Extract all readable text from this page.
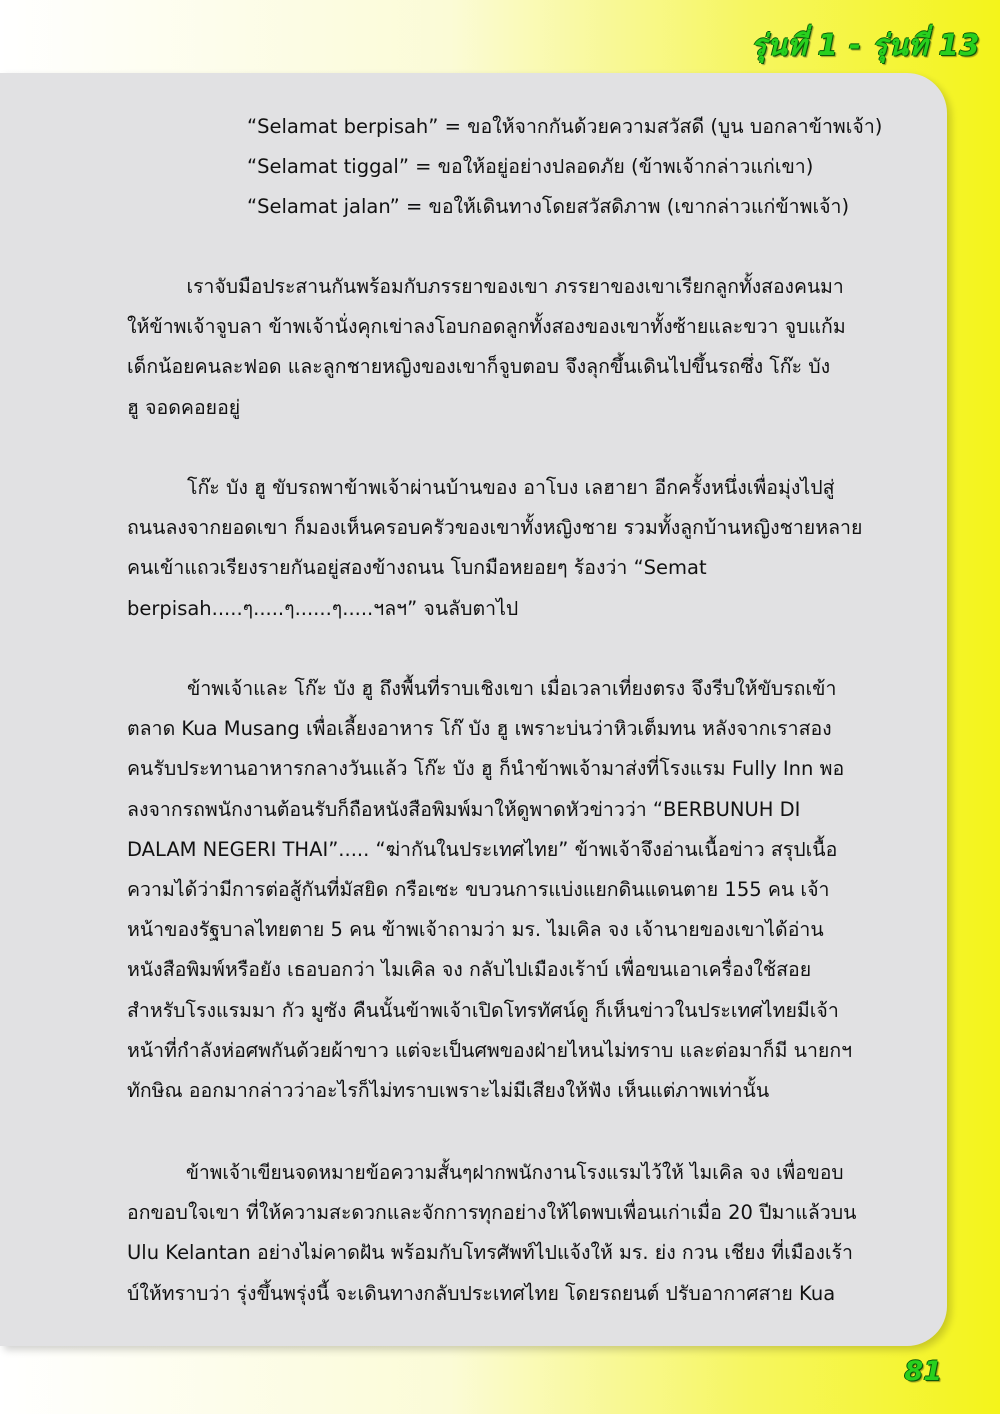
รุ่นที่ 1 - รุ่นที่ 13
“Selamat berpisah” = ขอให้จากกันด้วยความสวัสดี (บูน บอกลาข้าพเจ้า)
“Selamat tiggal” = ขอให้อยู่อย่างปลอดภัย (ข้าพเจ้ากล่าวแก่เขา)
“Selamat jalan” = ขอให้เดินทางโดยสวัสดิภาพ (เขากล่าวแก่ข้าพเจ้า)

เราจับมือประสานกันพร้อมกับภรรยาของเขา ภรรยาของเขาเรียกลูกทั้งสองคนมา
ให้ข้าพเจ้าจูบลา ข้าพเจ้านั่งคุกเข่าลงโอบกอดลูกทั้งสองของเขาทั้งซ้ายและขวา จูบแก้ม
เด็กน้อยคนละฟอด และลูกชายหญิงของเขาก็จูบตอบ จึงลุกขึ้นเดินไปขึ้นรถซึ่ง โก๊ะ บัง
ฮู จอดคอยอยู่

โก๊ะ บัง ฮู ขับรถพาข้าพเจ้าผ่านบ้านของ อาโบง เลฮายา อีกครั้งหนึ่งเพื่อมุ่งไปสู่
ถนนลงจากยอดเขา ก็มองเห็นครอบครัวของเขาทั้งหญิงชาย รวมทั้งลูกบ้านหญิงชายหลาย
คนเข้าแถวเรียงรายกันอยู่สองข้างถนน โบกมือหยอยๆ ร้องว่า “Semat
berpisah.....ๆ.....ๆ......ๆ.....ฯลฯ” จนลับตาไป

ข้าพเจ้าและ โก๊ะ บัง ฮู ถึงพื้นที่ราบเชิงเขา เมื่อเวลาเที่ยงตรง จึงรีบให้ขับรถเข้า
ตลาด Kua Musang เพื่อเลี้ยงอาหาร โก๊ บัง ฮู เพราะบ่นว่าหิวเต็มทน หลังจากเราสอง
คนรับประทานอาหารกลางวันแล้ว โก๊ะ บัง ฮู ก็นำข้าพเจ้ามาส่งที่โรงแรม Fully Inn พอ
ลงจากรถพนักงานต้อนรับก็ถือหนังสือพิมพ์มาให้ดูพาดหัวข่าวว่า “BERBUNUH DI
DALAM NEGERI THAI”..... “ฆ่ากันในประเทศไทย” ข้าพเจ้าจึงอ่านเนื้อข่าว สรุปเนื้อ
ความได้ว่ามีการต่อสู้กันที่มัสยิด กรือเซะ ขบวนการแบ่งแยกดินแดนตาย 155 คน เจ้า
หน้าของรัฐบาลไทยตาย 5 คน ข้าพเจ้าถามว่า มร. ไมเคิล จง เจ้านายของเขาได้อ่าน
หนังสือพิมพ์หรือยัง เธอบอกว่า ไมเคิล จง กลับไปเมืองเร้าบ์ เพื่อขนเอาเครื่องใช้สอย
สำหรับโรงแรมมา กัว มูซัง คืนนั้นข้าพเจ้าเปิดโทรทัศน์ดู ก็เห็นข่าวในประเทศไทยมีเจ้า
หน้าที่กำลังห่อศพกันด้วยผ้าขาว แต่จะเป็นศพของฝ่ายไหนไม่ทราบ และต่อมาก็มี นายกฯ
ทักษิณ ออกมากล่าวว่าอะไรก็ไม่ทราบเพราะไม่มีเสียงให้ฟัง เห็นแต่ภาพเท่านั้น

ข้าพเจ้าเขียนจดหมายข้อความสั้นๆฝากพนักงานโรงแรมไว้ให้ ไมเคิล จง เพื่อขอบ
อกขอบใจเขา ที่ให้ความสะดวกและจักการทุกอย่างให้ไดพบเพื่อนเก่าเมื่อ 20 ปีมาแล้วบน
Ulu Kelantan อย่างไม่คาดฝัน พร้อมกับโทรศัพท์ไปแจ้งให้ มร. ย่ง กวน เชียง ที่เมืองเร้า
บ์ให้ทราบว่า รุ่งขึ้นพรุ่งนี้ จะเดินทางกลับประเทศไทย โดยรถยนต์ ปรับอากาศสาย Kua

81
